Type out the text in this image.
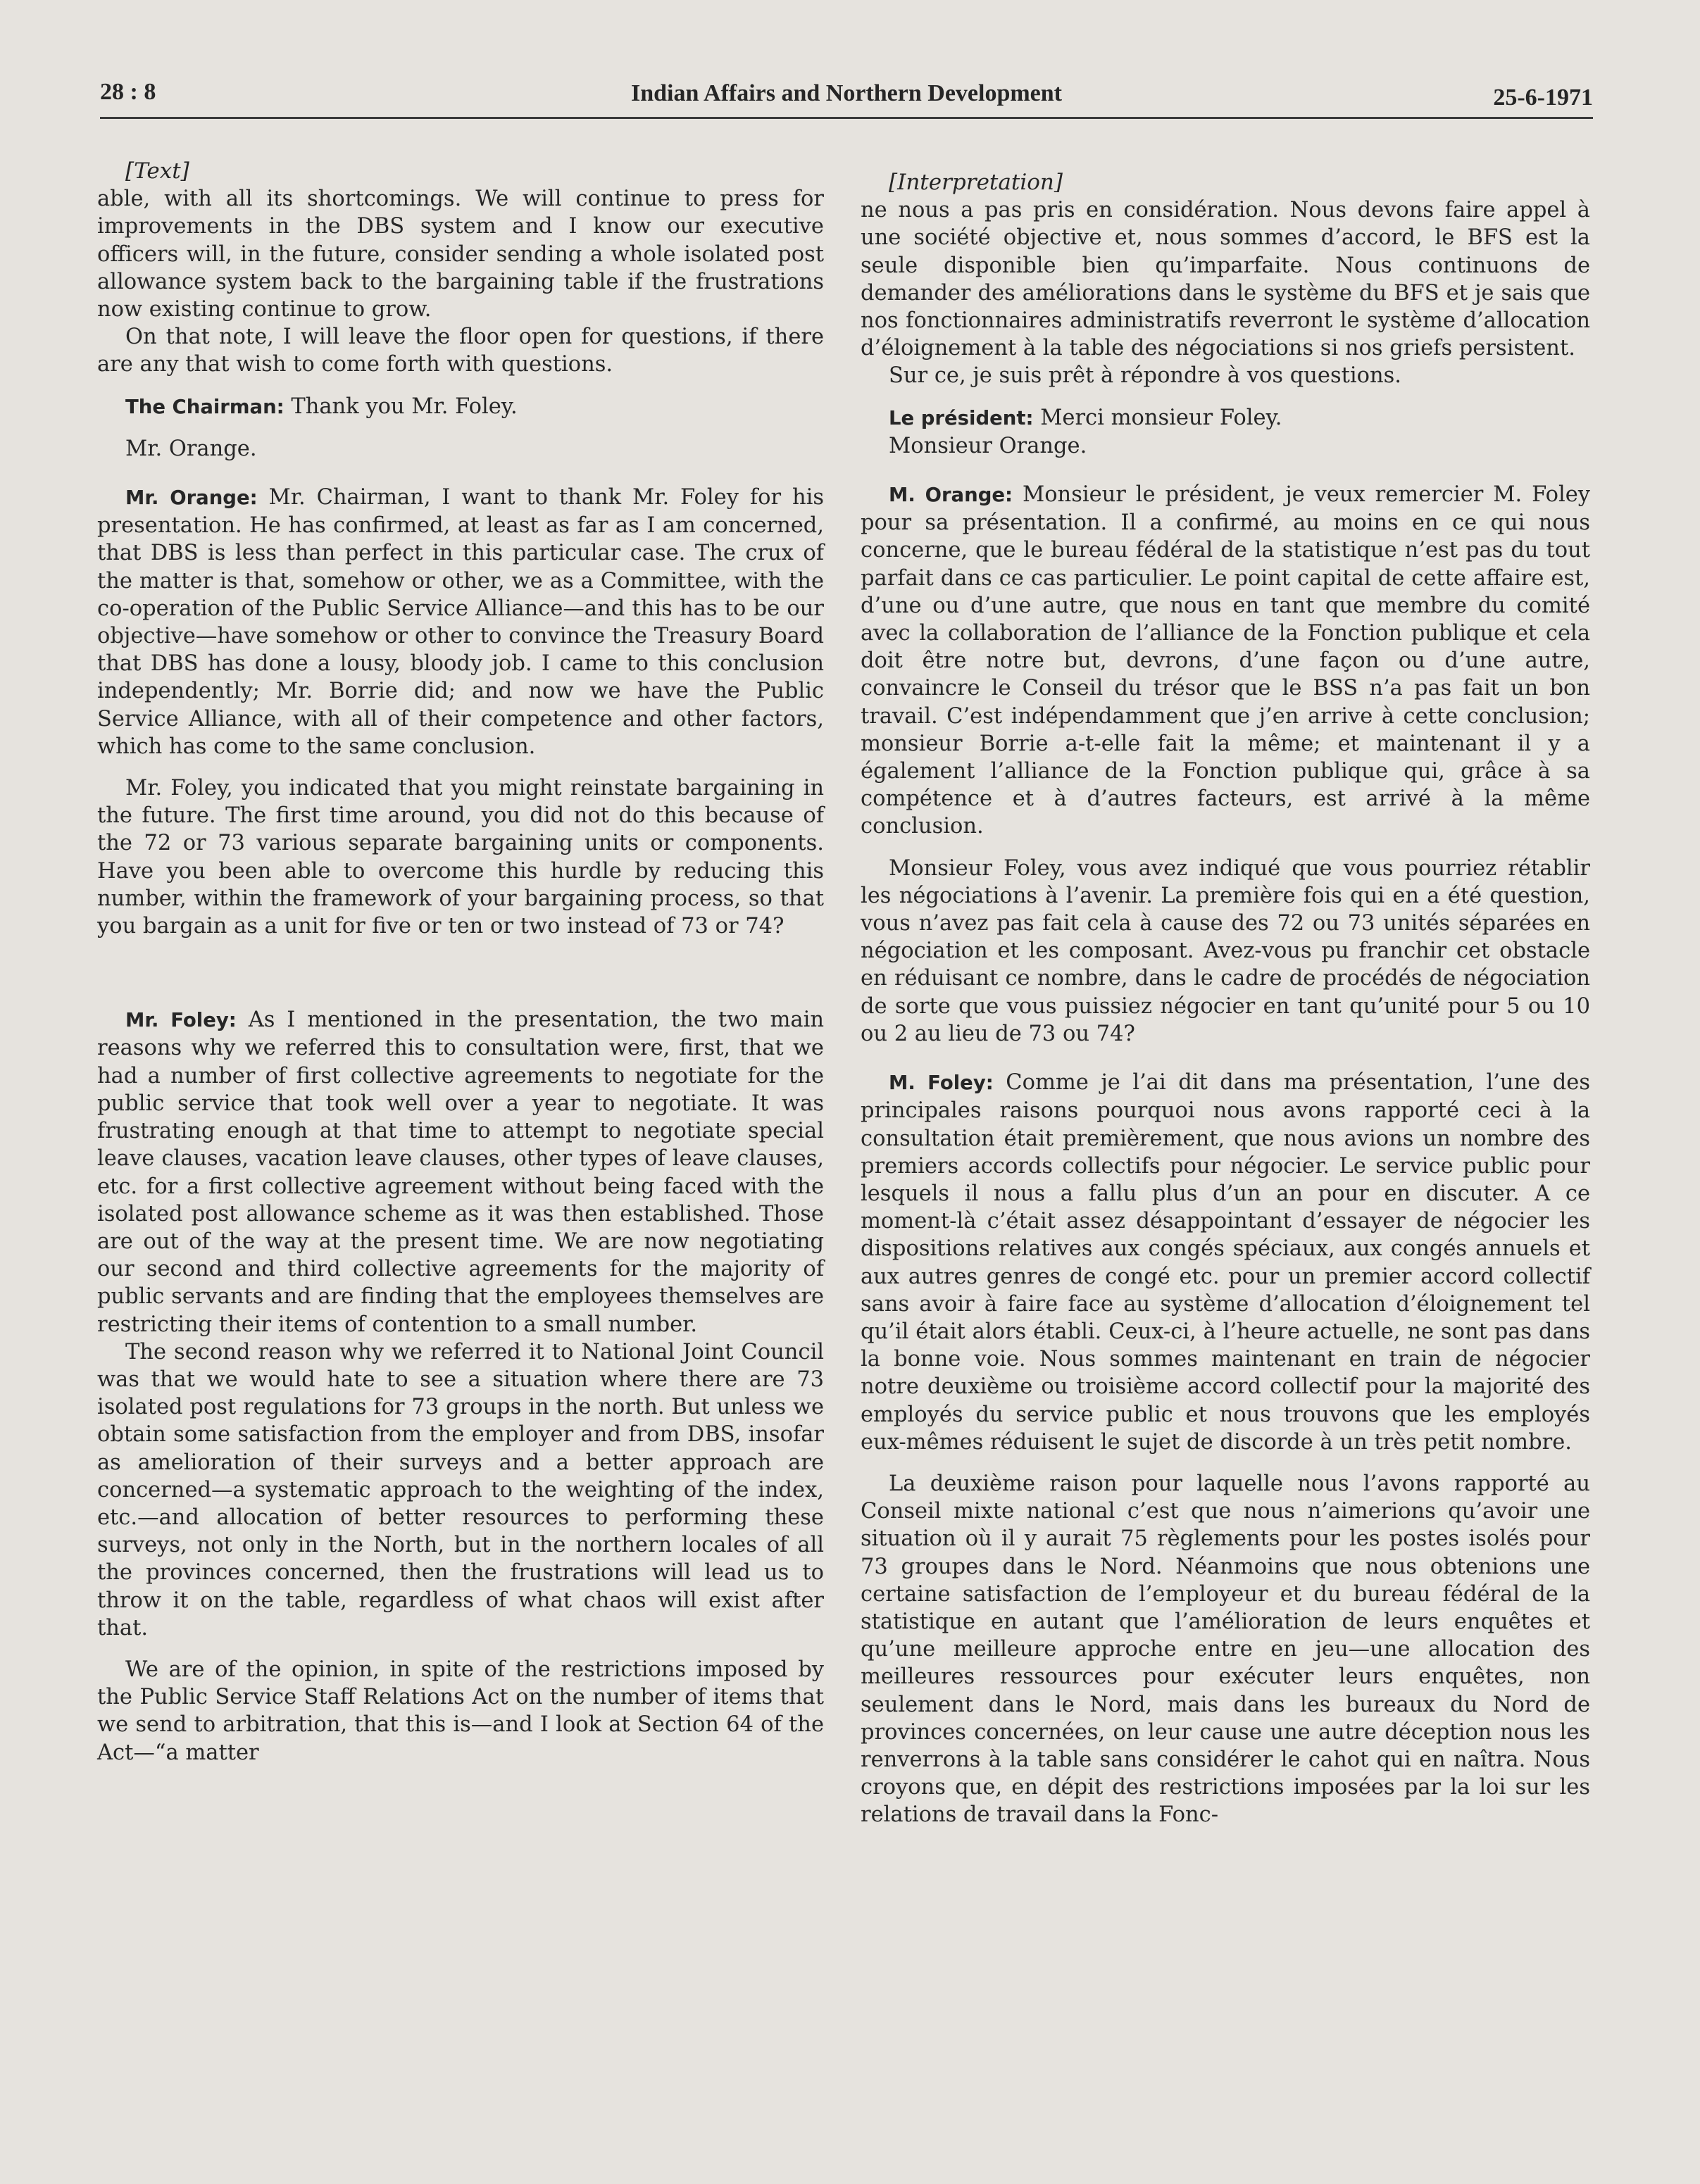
28 : 8	Indian Affairs and Northern Development	25-6-1971

[Text]

able, with all its shortcomings. We will continue to press for improvements in the DBS system and I know our executive officers will, in the future, consider sending a whole isolated post allowance system back to the bargaining table if the frustrations now existing continue to grow.

On that note, I will leave the floor open for questions, if there are any that wish to come forth with questions.

The Chairman: Thank you Mr. Foley.

Mr. Orange.

Mr. Orange: Mr. Chairman, I want to thank Mr. Foley for his presentation. He has confirmed, at least as far as I am concerned, that DBS is less than perfect in this particular case. The crux of the matter is that, somehow or other, we as a Committee, with the co-operation of the Public Service Alliance—and this has to be our objective—have somehow or other to convince the Treasury Board that DBS has done a lousy, bloody job. I came to this conclusion independently; Mr. Borrie did; and now we have the Public Service Alliance, with all of their competence and other factors, which has come to the same conclusion.

Mr. Foley, you indicated that you might reinstate bargaining in the future. The first time around, you did not do this because of the 72 or 73 various separate bargaining units or components. Have you been able to overcome this hurdle by reducing this number, within the framework of your bargaining process, so that you bargain as a unit for five or ten or two instead of 73 or 74?

Mr. Foley: As I mentioned in the presentation, the two main reasons why we referred this to consultation were, first, that we had a number of first collective agreements to negotiate for the public service that took well over a year to negotiate. It was frustrating enough at that time to attempt to negotiate special leave clauses, vacation leave clauses, other types of leave clauses, etc. for a first collective agreement without being faced with the isolated post allowance scheme as it was then established. Those are out of the way at the present time. We are now negotiating our second and third collective agreements for the majority of public servants and are finding that the employees themselves are restricting their items of contention to a small number.

The second reason why we referred it to National Joint Council was that we would hate to see a situation where there are 73 isolated post regulations for 73 groups in the north. But unless we obtain some satisfaction from the employer and from DBS, insofar as amelioration of their surveys and a better approach are concerned—a systematic approach to the weighting of the index, etc.—and allocation of better resources to performing these surveys, not only in the North, but in the northern locales of all the provinces concerned, then the frustrations will lead us to throw it on the table, regardless of what chaos will exist after that.

We are of the opinion, in spite of the restrictions imposed by the Public Service Staff Relations Act on the number of items that we send to arbitration, that this is—and I look at Section 64 of the Act—“a matter

[Interpretation]

ne nous a pas pris en considération. Nous devons faire appel à une société objective et, nous sommes d’accord, le BFS est la seule disponible bien qu’imparfaite. Nous continuons de demander des améliorations dans le système du BFS et je sais que nos fonctionnaires administratifs reverront le système d’allocation d’éloignement à la table des négociations si nos griefs persistent.

Sur ce, je suis prêt à répondre à vos questions.

Le président: Merci monsieur Foley.

Monsieur Orange.

M. Orange: Monsieur le président, je veux remercier M. Foley pour sa présentation. Il a confirmé, au moins en ce qui nous concerne, que le bureau fédéral de la statistique n’est pas du tout parfait dans ce cas particulier. Le point capital de cette affaire est, d’une ou d’une autre, que nous en tant que membre du comité avec la collaboration de l’alliance de la Fonction publique et cela doit être notre but, devrons, d’une façon ou d’une autre, convaincre le Conseil du trésor que le BSS n’a pas fait un bon travail. C’est indépendamment que j’en arrive à cette conclusion; monsieur Borrie a-t-elle fait la même; et maintenant il y a également l’alliance de la Fonction publique qui, grâce à sa compétence et à d’autres facteurs, est arrivé à la même conclusion.

Monsieur Foley, vous avez indiqué que vous pourriez rétablir les négociations à l’avenir. La première fois qui en a été question, vous n’avez pas fait cela à cause des 72 ou 73 unités séparées en négociation et les composant. Avez-vous pu franchir cet obstacle en réduisant ce nombre, dans le cadre de procédés de négociation de sorte que vous puissiez négocier en tant qu’unité pour 5 ou 10 ou 2 au lieu de 73 ou 74?

M. Foley: Comme je l’ai dit dans ma présentation, l’une des principales raisons pourquoi nous avons rapporté ceci à la consultation était premièrement, que nous avions un nombre des premiers accords collectifs pour négocier. Le service public pour lesquels il nous a fallu plus d’un an pour en discuter. A ce moment-là c’était assez désappointant d’essayer de négocier les dispositions relatives aux congés spéciaux, aux congés annuels et aux autres genres de congé etc. pour un premier accord collectif sans avoir à faire face au système d’allocation d’éloignement tel qu’il était alors établi. Ceux-ci, à l’heure actuelle, ne sont pas dans la bonne voie. Nous sommes maintenant en train de négocier notre deuxième ou troisième accord collectif pour la majorité des employés du service public et nous trouvons que les employés eux-mêmes réduisent le sujet de discorde à un très petit nombre.

La deuxième raison pour laquelle nous l’avons rapporté au Conseil mixte national c’est que nous n’aimerions qu’avoir une situation où il y aurait 75 règlements pour les postes isolés pour 73 groupes dans le Nord. Néanmoins que nous obtenions une certaine satisfaction de l’employeur et du bureau fédéral de la statistique en autant que l’amélioration de leurs enquêtes et qu’une meilleure approche entre en jeu—une allocation des meilleures ressources pour exécuter leurs enquêtes, non seulement dans le Nord, mais dans les bureaux du Nord de provinces concernées, on leur cause une autre déception nous les renverrons à la table sans considérer le cahot qui en naîtra. Nous croyons que, en dépit des restrictions imposées par la loi sur les relations de travail dans la Fonc-
